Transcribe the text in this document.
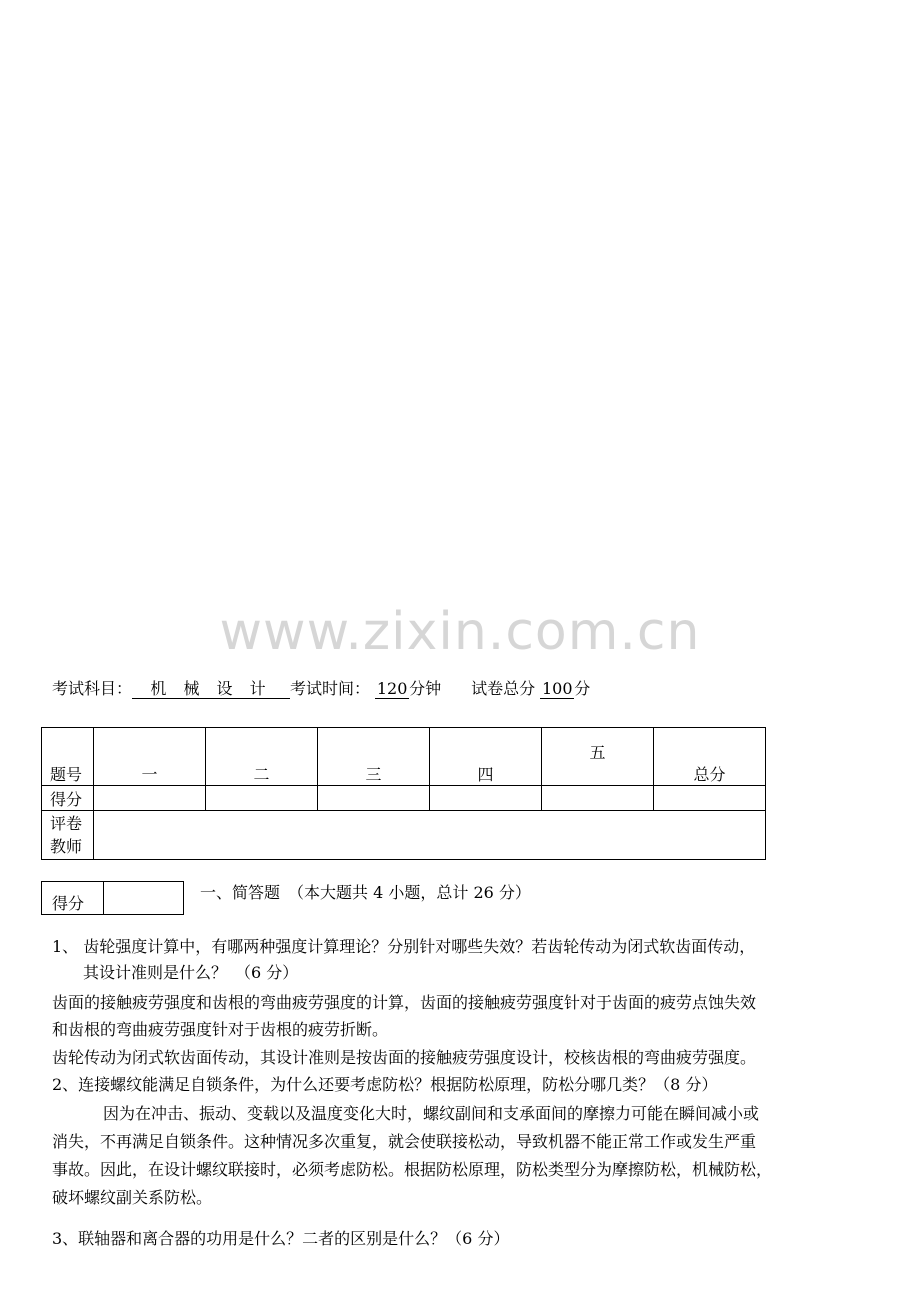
www.zixin.com.cn
考试科目： 机 械 设 计 考试时间： 120 分钟 试卷总分 100 分
题号	一	二	三	四	五	总分
得分						
评卷
教师						
得分	
一、简答题　（本大题共 4 小题，总计 26 分）
1、 齿轮强度计算中，有哪两种强度计算理论？分别针对哪些失效？若齿轮传动为闭式软齿面传动，
其设计准则是什么？　（6 分）
齿面的接触疲劳强度和齿根的弯曲疲劳强度的计算，齿面的接触疲劳强度针对于齿面的疲劳点蚀失效
和齿根的弯曲疲劳强度针对于齿根的疲劳折断。
齿轮传动为闭式软齿面传动，其设计准则是按齿面的接触疲劳强度设计，校核齿根的弯曲疲劳强度。
2、连接螺纹能满足自锁条件，为什么还要考虑防松？根据防松原理，防松分哪几类？（8 分）
因为在冲击、振动、变载以及温度变化大时，螺纹副间和支承面间的摩擦力可能在瞬间减小或
消失，不再满足自锁条件。这种情况多次重复，就会使联接松动，导致机器不能正常工作或发生严重
事故。因此，在设计螺纹联接时，必须考虑防松。根据防松原理，防松类型分为摩擦防松，机械防松，
破坏螺纹副关系防松。
3、联轴器和离合器的功用是什么？二者的区别是什么？（6 分）
